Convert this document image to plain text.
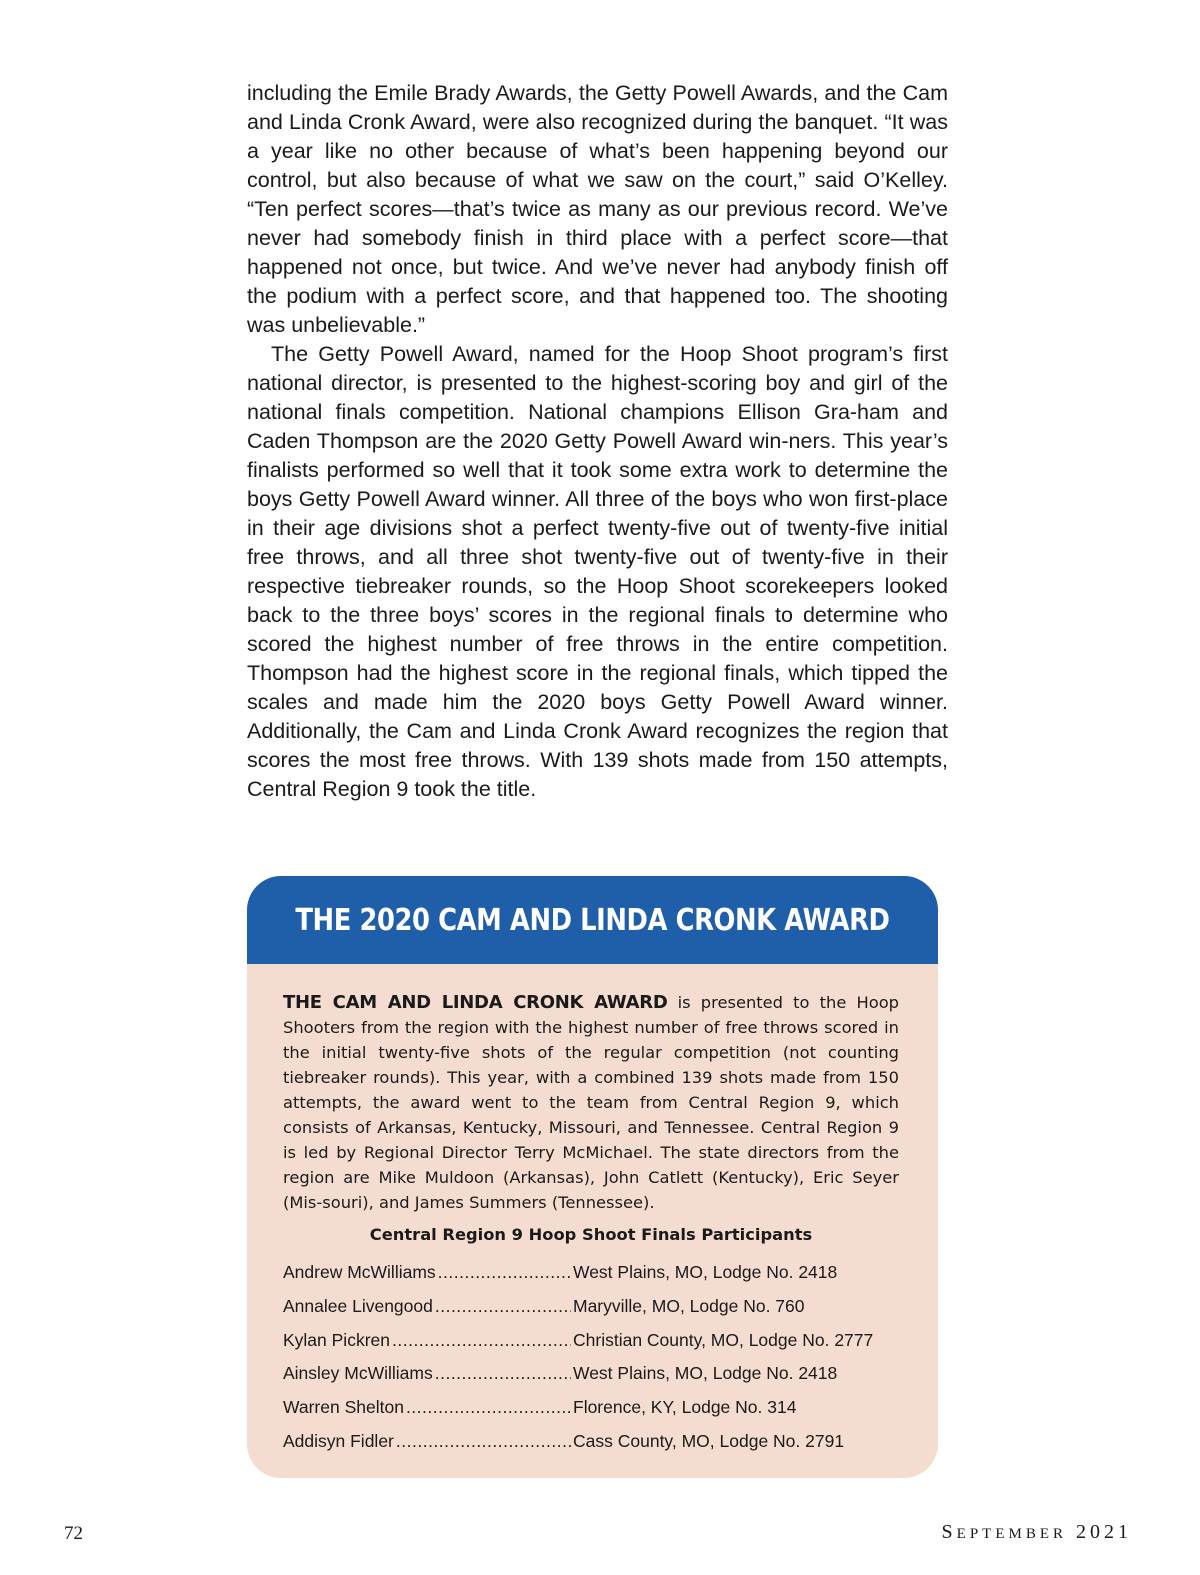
including the Emile Brady Awards, the Getty Powell Awards, and the Cam and Linda Cronk Award, were also recognized during the banquet. “It was a year like no other because of what’s been happening beyond our control, but also because of what we saw on the court,” said O’Kelley. “Ten perfect scores—that’s twice as many as our previous record. We’ve never had somebody finish in third place with a perfect score—that happened not once, but twice. And we’ve never had anybody finish off the podium with a perfect score, and that happened too. The shooting was unbelievable.”

The Getty Powell Award, named for the Hoop Shoot program’s first national director, is presented to the highest-scoring boy and girl of the national finals competition. National champions Ellison Gra-ham and Caden Thompson are the 2020 Getty Powell Award win-ners. This year’s finalists performed so well that it took some extra work to determine the boys Getty Powell Award winner. All three of the boys who won first-place in their age divisions shot a perfect twenty-five out of twenty-five initial free throws, and all three shot twenty-five out of twenty-five in their respective tiebreaker rounds, so the Hoop Shoot scorekeepers looked back to the three boys’ scores in the regional finals to determine who scored the highest number of free throws in the entire competition. Thompson had the highest score in the regional finals, which tipped the scales and made him the 2020 boys Getty Powell Award winner. Additionally, the Cam and Linda Cronk Award recognizes the region that scores the most free throws. With 139 shots made from 150 attempts, Central Region 9 took the title.

THE 2020 CAM AND LINDA CRONK AWARD

THE CAM AND LINDA CRONK AWARD is presented to the Hoop Shooters from the region with the highest number of free throws scored in the initial twenty-five shots of the regular competition (not counting tiebreaker rounds). This year, with a combined 139 shots made from 150 attempts, the award went to the team from Central Region 9, which consists of Arkansas, Kentucky, Missouri, and Tennessee. Central Region 9 is led by Regional Director Terry McMichael. The state directors from the region are Mike Muldoon (Arkansas), John Catlett (Kentucky), Eric Seyer (Mis-souri), and James Summers (Tennessee).

Central Region 9 Hoop Shoot Finals Participants
Andrew McWilliams .....	West Plains, MO, Lodge No. 2418
Annalee Livengood .....	Maryville, MO, Lodge No. 760
Kylan Pickren .....	Christian County, MO, Lodge No. 2777
Ainsley McWilliams .....	West Plains, MO, Lodge No. 2418
Warren Shelton .....	Florence, KY, Lodge No. 314
Addisyn Fidler .....	Cass County, MO, Lodge No. 2791
72	SEPTEMBER 2021
